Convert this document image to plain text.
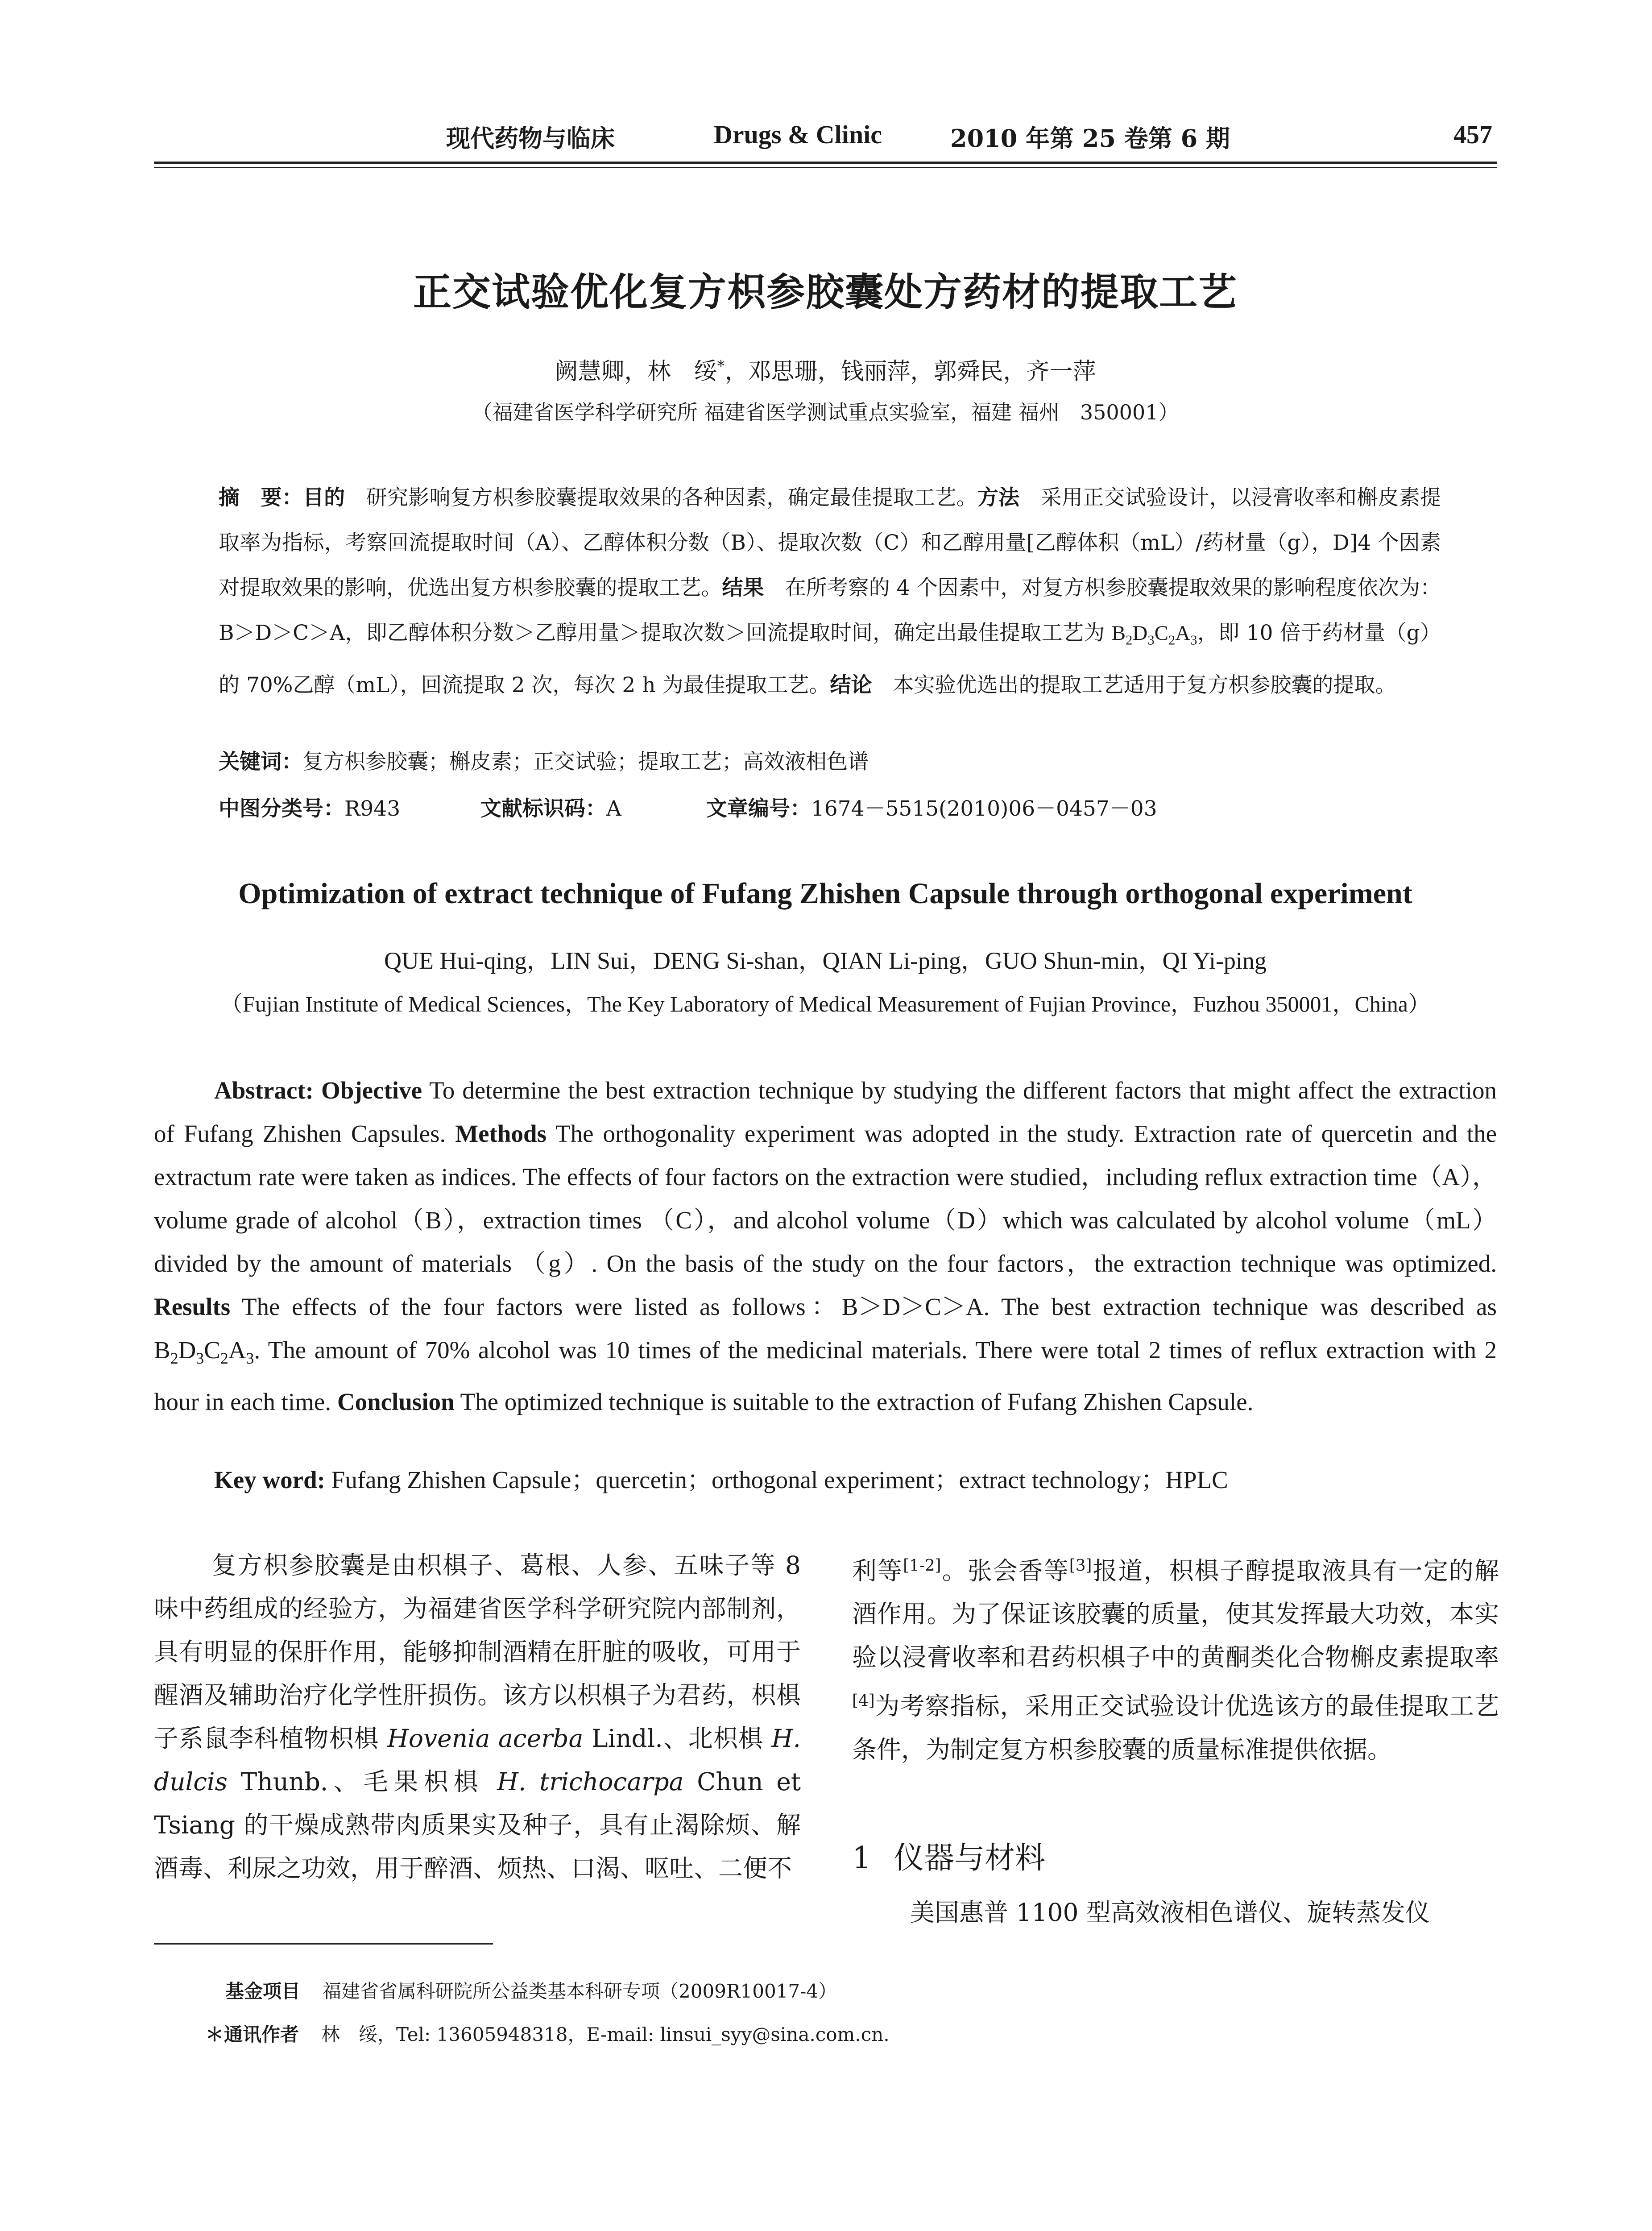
现代药物与临床	Drugs & Clinic	2010 年第 25 卷第 6 期	457
正交试验优化复方枳参胶囊处方药材的提取工艺
阙慧卿，林　绥*，邓思珊，钱丽萍，郭舜民，齐一萍
（福建省医学科学研究所 福建省医学测试重点实验室，福建 福州　350001）
摘　要：目的　研究影响复方枳参胶囊提取效果的各种因素，确定最佳提取工艺。方法　采用正交试验设计，以浸膏收率和槲皮素提取率为指标，考察回流提取时间（A）、乙醇体积分数（B）、提取次数（C）和乙醇用量[乙醇体积（mL）/药材量（g），D]4 个因素对提取效果的影响，优选出复方枳参胶囊的提取工艺。结果　在所考察的 4 个因素中，对复方枳参胶囊提取效果的影响程度依次为：B＞D＞C＞A，即乙醇体积分数＞乙醇用量＞提取次数＞回流提取时间，确定出最佳提取工艺为 $B_2D_3C_2A_3$，即 10 倍于药材量（g）的 70%乙醇（mL），回流提取 2 次，每次 2 h 为最佳提取工艺。结论　本实验优选出的提取工艺适用于复方枳参胶囊的提取。
关键词：复方枳参胶囊；槲皮素；正交试验；提取工艺；高效液相色谱
中图分类号：R943	文献标识码：A	文章编号：1674－5515(2010)06－0457－03
Optimization of extract technique of Fufang Zhishen Capsule through orthogonal experiment
QUE Hui-qing，LIN Sui，DENG Si-shan，QIAN Li-ping，GUO Shun-min，QI Yi-ping
（Fujian Institute of Medical Sciences，The Key Laboratory of Medical Measurement of Fujian Province，Fuzhou 350001，China）
Abstract: Objective To determine the best extraction technique by studying the different factors that might affect the extraction of Fufang Zhishen Capsules. Methods The orthogonality experiment was adopted in the study. Extraction rate of quercetin and the extractum rate were taken as indices. The effects of four factors on the extraction were studied，including reflux extraction time（A），volume grade of alcohol（B），extraction times （C），and alcohol volume（D）which was calculated by alcohol volume（mL）divided by the amount of materials （g）. On the basis of the study on the four factors，the extraction technique was optimized. Results The effects of the four factors were listed as follows：B＞D＞C＞A. The best extraction technique was described as $B_2D_3C_2A_3$. The amount of 70% alcohol was 10 times of the medicinal materials. There were total 2 times of reflux extraction with 2 hour in each time. Conclusion The optimized technique is suitable to the extraction of Fufang Zhishen Capsule.
Key word: Fufang Zhishen Capsule；quercetin；orthogonal experiment；extract technology；HPLC
复方枳参胶囊是由枳椇子、葛根、人参、五味子等 8 味中药组成的经验方，为福建省医学科学研究院内部制剂，具有明显的保肝作用，能够抑制酒精在肝脏的吸收，可用于醒酒及辅助治疗化学性肝损伤。该方以枳椇子为君药，枳椇子系鼠李科植物枳椇 Hovenia acerba Lindl.、北枳椇 H. dulcis Thunb.、毛果枳椇 H. trichocarpa Chun et Tsiang 的干燥成熟带肉质果实及种子，具有止渴除烦、解酒毒、利尿之功效，用于醉酒、烦热、口渴、呕吐、二便不
利等[1-2]。张会香等[3]报道，枳椇子醇提取液具有一定的解酒作用。为了保证该胶囊的质量，使其发挥最大功效，本实验以浸膏收率和君药枳椇子中的黄酮类化合物槲皮素提取率[4]为考察指标，采用正交试验设计优选该方的最佳提取工艺条件，为制定复方枳参胶囊的质量标准提供依据。
1 仪器与材料
美国惠普 1100 型高效液相色谱仪、旋转蒸发仪
基金项目 福建省省属科研院所公益类基本科研专项（2009R10017-4）
＊通讯作者 林　绥，Tel: 13605948318，E-mail: linsui_syy@sina.com.cn.
